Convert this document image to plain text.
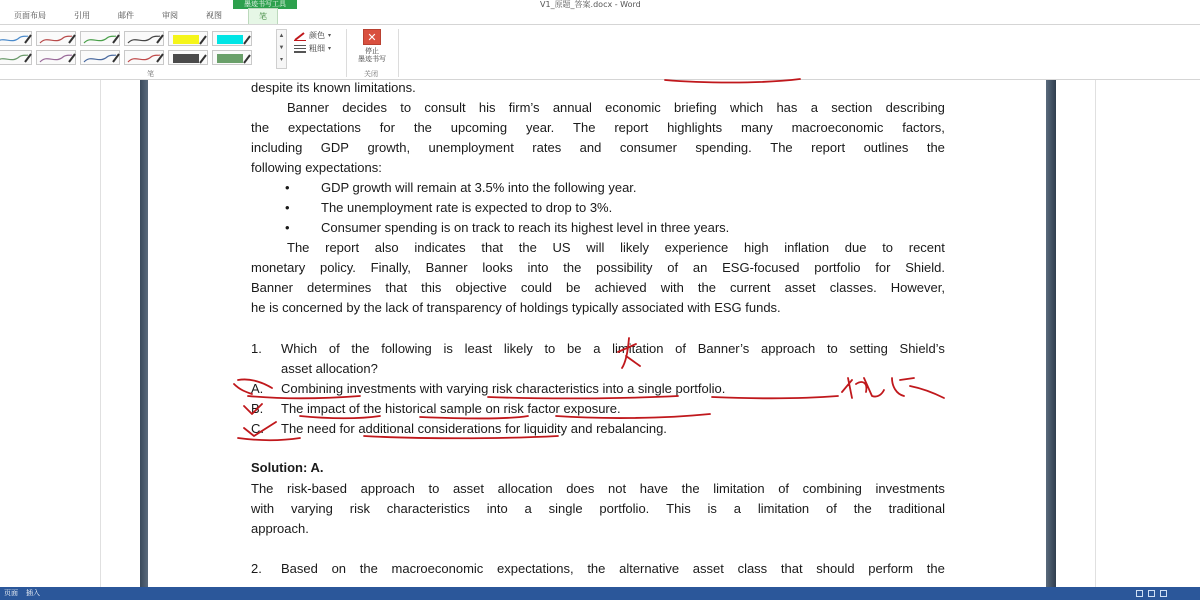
墨迹书写工具	V1_原题_答案.docx - Word
页面布局	引用	邮件	审阅	视图	笔
▲
▼
▾
颜色 ▾
粗细 ▾
笔
✕
停止
墨迹书写
关闭
despite its known limitations.
Banner decides to consult his firm’s annual economic briefing which has a section describing
the expectations for the upcoming year. The report highlights many macroeconomic factors,
including GDP growth, unemployment rates and consumer spending. The report outlines the
following expectations:
• GDP growth will remain at 3.5% into the following year.
• The unemployment rate is expected to drop to 3%.
• Consumer spending is on track to reach its highest level in three years.
The report also indicates that the US will likely experience high inflation due to recent
monetary policy. Finally, Banner looks into the possibility of an ESG-focused portfolio for Shield.
Banner determines that this objective could be achieved with the current asset classes. However,
he is concerned by the lack of transparency of holdings typically associated with ESG funds.
1. Which of the following is least likely to be a limitation of Banner’s approach to setting Shield’s
asset allocation?
A. Combining investments with varying risk characteristics into a single portfolio.
B. The impact of the historical sample on risk factor exposure.
C. The need for additional considerations for liquidity and rebalancing.
Solution: A.
The risk-based approach to asset allocation does not have the limitation of combining investments
with varying risk characteristics into a single portfolio. This is a limitation of the traditional
approach.
2. Based on the macroeconomic expectations, the alternative asset class that should perform the
页面 插入
